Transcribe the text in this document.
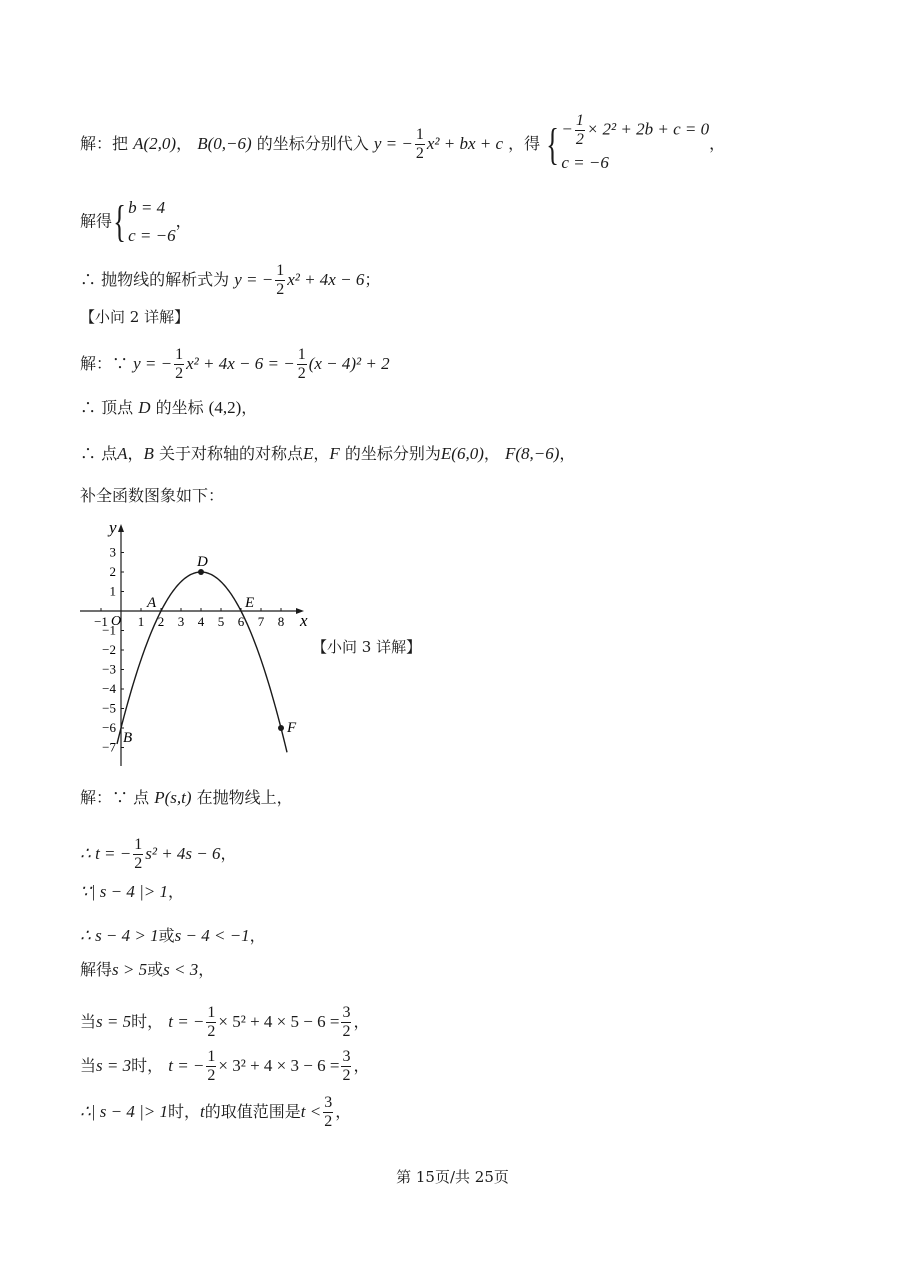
解：把 A(2,0)， B(0,−6) 的坐标分别代入 y = − $\frac{1}{2} x^2$ + bx + c ，得 { − $\frac{1}{2} \times 2^2 + 2b + c = 0$
c = −6
，
解得{ b = 4
c = −6
，
∴ 抛物线的解析式为 y = − $\frac{1}{2} x^2 + 4x - 6$；
【小问 2 详解】
解：∵ y = − $\frac{1}{2} x^2 + 4x - 6$ = − $\frac{1}{2} (x - 4)^2 + 2$
∴ 顶点 D 的坐标 (4,2)，
∴ 点A，B 关于对称轴的对称点E，F 的坐标分别为E(6,0)， F(8,−6)，
补全函数图象如下：
x
y
O
−1 1 2 3 4 5 6 7 8
3
2
1
−1
−2
−3
−4
−5
−6
−7
D
A	E
B
F
【小问 3 详解】
解：∵ 点 P(s,t) 在抛物线上，
∴ t = − $\frac{1}{2} s^2 + 4s - 6$，
∵| s − 4 |> 1，
∴ s − 4 > 1或s − 4 < −1，
解得s > 5或s < 3，
当s = 5时， t = − $\frac{1}{2} \times 5^2 + 4 \times 5 - 6 = \frac{3}{2}$ ，
当s = 3时， t = − $\frac{1}{2} \times 3^2 + 4 \times 3 - 6 = \frac{3}{2}$ ，
∴| s − 4 |> 1时，t的取值范围是$t < \frac{3}{2}$ ，
第 15页/共 25页
